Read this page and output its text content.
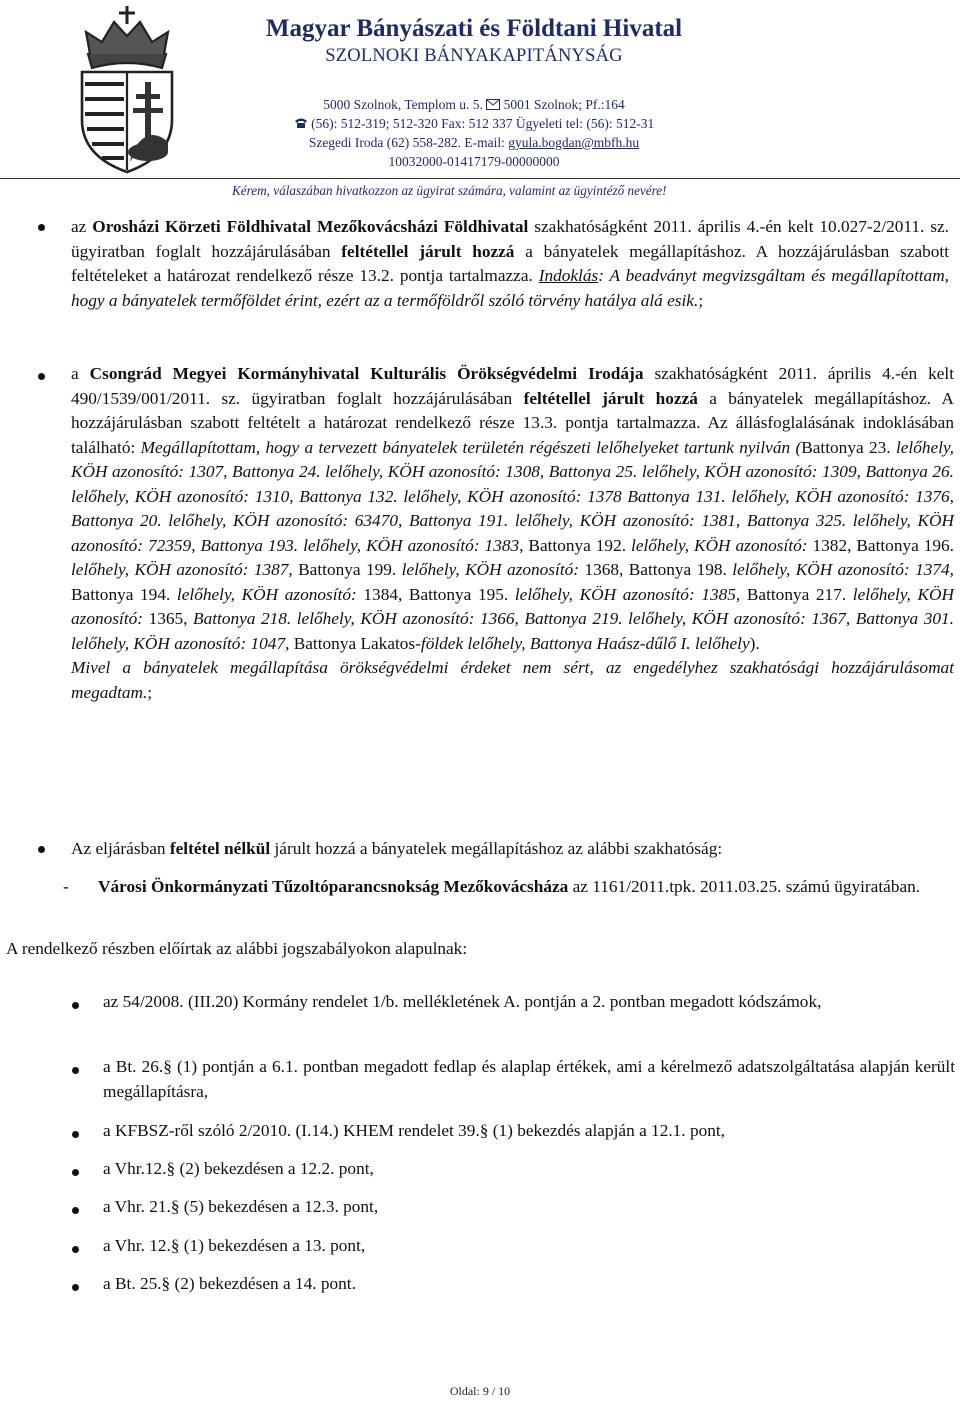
Magyar Bányászati és Földtani Hivatal
SZOLNOKI BÁNYAKAPITÁNYSÁG
5000 Szolnok, Templom u. 5. 5001 Szolnok; Pf.:164
(56): 512-319; 512-320 Fax: 512 337 Ügyeleti tel: (56): 512-31
Szegedi Iroda (62) 558-282. E-mail: gyula.bogdan@mbfh.hu
10032000-01417179-00000000
Kérem, válaszában hivatkozzon az ügyirat számára, valamint az ügyintéző nevére!
az Orosházi Körzeti Földhivatal Mezőkovácsházi Földhivatal szakhatóságként 2011. április 4.-én kelt 10.027-2/2011. sz. ügyiratban foglalt hozzájárulásában feltétellel járult hozzá a bányatelek megállapításhoz. A hozzájárulásban szabott feltételeket a határozat rendelkező része 13.2. pontja tartalmazza. Indoklás: A beadványt megvizsgáltam és megállapítottam, hogy a bányatelek termőföldet érint, ezért az a termőföldről szóló törvény hatálya alá esik.;
a Csongrád Megyei Kormányhivatal Kulturális Örökségvédelmi Irodája szakhatóságként 2011. április 4.-én kelt 490/1539/001/2011. sz. ügyiratban foglalt hozzájárulásában feltétellel járult hozzá a bányatelek megállapításhoz. A hozzájárulásban szabott feltételt a határozat rendelkező része 13.3. pontja tartalmazza. Az állásfoglalásának indoklásában található: Megállapítottam, hogy a tervezett bányatelek területén régészeti lelőhelyeket tartunk nyilván (Battonya 23. lelőhely, KÖH azonosító: 1307, Battonya 24. lelőhely, KÖH azonosító: 1308, Battonya 25. lelőhely, KÖH azonosító: 1309, Battonya 26. lelőhely, KÖH azonosító: 1310, Battonya 132. lelőhely, KÖH azonosító: 1378 Battonya 131. lelőhely, KÖH azonosító: 1376, Battonya 20. lelőhely, KÖH azonosító: 63470, Battonya 191. lelőhely, KÖH azonosító: 1381, Battonya 325. lelőhely, KÖH azonosító: 72359, Battonya 193. lelőhely, KÖH azonosító: 1383, Battonya 192. lelőhely, KÖH azonosító: 1382, Battonya 196. lelőhely, KÖH azonosító: 1387, Battonya 199. lelőhely, KÖH azonosító: 1368, Battonya 198. lelőhely, KÖH azonosító: 1374, Battonya 194. lelőhely, KÖH azonosító: 1384, Battonya 195. lelőhely, KÖH azonosító: 1385, Battonya 217. lelőhely, KÖH azonosító: 1365, Battonya 218. lelőhely, KÖH azonosító: 1366, Battonya 219. lelőhely, KÖH azonosító: 1367, Battonya 301. lelőhely, KÖH azonosító: 1047, Battonya Lakatos-földek lelőhely, Battonya Haász-dűlő I. lelőhely).
Mivel a bányatelek megállapítása örökségvédelmi érdeket nem sért, az engedélyhez szakhatósági hozzájárulásomat megadtam.;
Az eljárásban feltétel nélkül járult hozzá a bányatelek megállapításhoz az alábbi szakhatóság:
-	Városi Önkormányzati Tűzoltóparancsnokság Mezőkovácsháza az 1161/2011.tpk. 2011.03.25. számú ügyiratában.
A rendelkező részben előírtak az alábbi jogszabályokon alapulnak:
az 54/2008. (III.20) Kormány rendelet 1/b. mellékletének A. pontján a 2. pontban megadott kódszámok,
a Bt. 26.§ (1) pontján a 6.1. pontban megadott fedlap és alaplap értékek, ami a kérelmező adatszolgáltatása alapján került megállapításra,
a KFBSZ-ről szóló 2/2010. (I.14.) KHEM rendelet 39.§ (1) bekezdés alapján a 12.1. pont,
a Vhr.12.§ (2) bekezdésen a 12.2. pont,
a Vhr. 21.§ (5) bekezdésen a 12.3. pont,
a Vhr. 12.§ (1) bekezdésen a 13. pont,
a Bt. 25.§ (2) bekezdésen a 14. pont.
Oldal: 9 / 10
